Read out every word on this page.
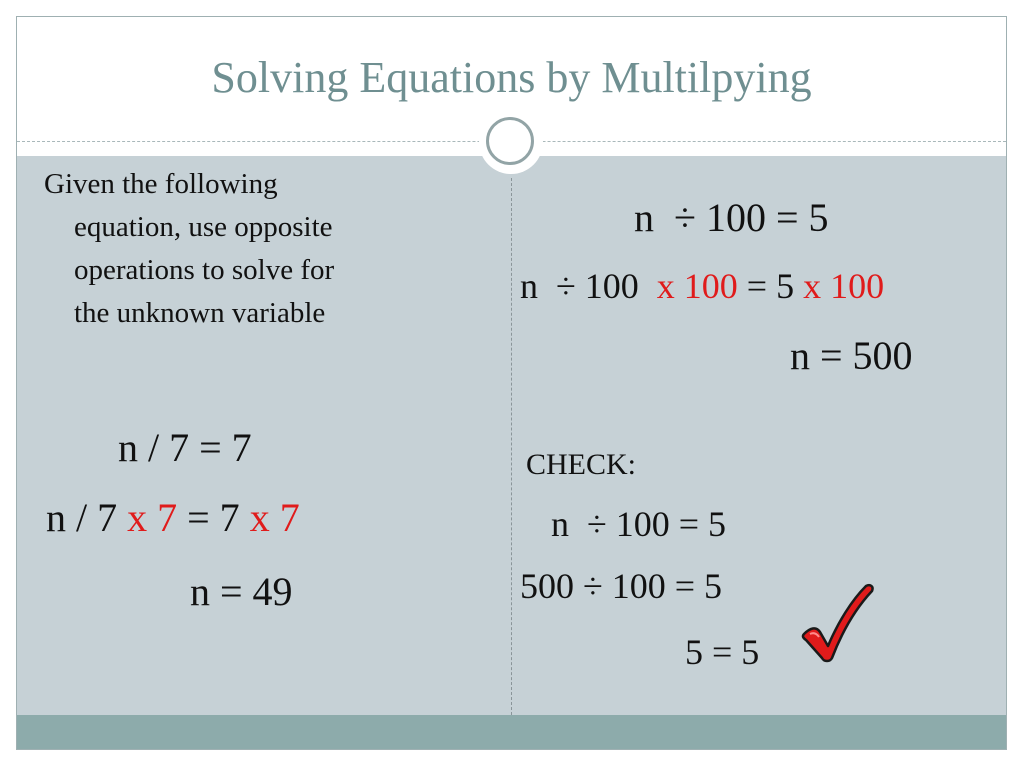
Solving Equations by Multilpying
Given the following
equation, use opposite
operations to solve for
the unknown variable

n / 7 = 7

n / 7 x 7 = 7 x 7

n = 49

n  ÷ 100 = 5

n  ÷ 100  x 100 = 5 x 100

n = 500

CHECK:

n  ÷ 100 = 5

500 ÷ 100 = 5

5 = 5
